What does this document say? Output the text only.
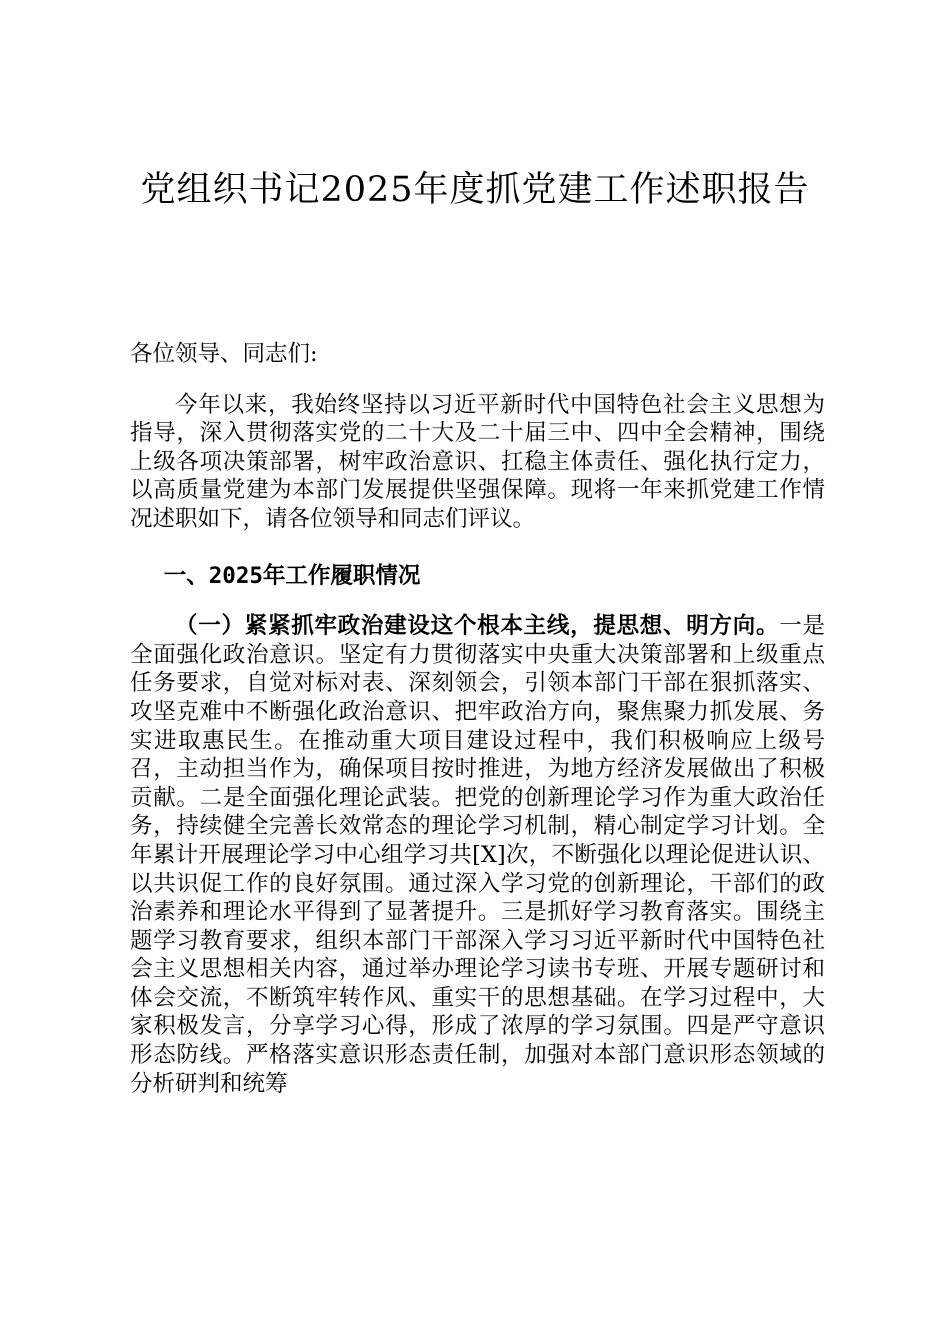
党组织书记2025年度抓党建工作述职报告

各位领导、同志们:

今年以来，我始终坚持以习近平新时代中国特色社会主义思想为指导，深入贯彻落实党的二十大及二十届三中、四中全会精神，围绕上级各项决策部署，树牢政治意识、扛稳主体责任、强化执行定力，以高质量党建为本部门发展提供坚强保障。现将一年来抓党建工作情况述职如下，请各位领导和同志们评议。

一、2025年工作履职情况

（一）紧紧抓牢政治建设这个根本主线，提思想、明方向。一是全面强化政治意识。坚定有力贯彻落实中央重大决策部署和上级重点任务要求，自觉对标对表、深刻领会，引领本部门干部在狠抓落实、攻坚克难中不断强化政治意识、把牢政治方向，聚焦聚力抓发展、务实进取惠民生。在推动重大项目建设过程中，我们积极响应上级号召，主动担当作为，确保项目按时推进，为地方经济发展做出了积极贡献。二是全面强化理论武装。把党的创新理论学习作为重大政治任务，持续健全完善长效常态的理论学习机制，精心制定学习计划。全年累计开展理论学习中心组学习共[X]次，不断强化以理论促进认识、以共识促工作的良好氛围。通过深入学习党的创新理论，干部们的政治素养和理论水平得到了显著提升。三是抓好学习教育落实。围绕主题学习教育要求，组织本部门干部深入学习习近平新时代中国特色社会主义思想相关内容，通过举办理论学习读书专班、开展专题研讨和体会交流，不断筑牢转作风、重实干的思想基础。在学习过程中，大家积极发言，分享学习心得，形成了浓厚的学习氛围。四是严守意识形态防线。严格落实意识形态责任制，加强对本部门意识形态领域的分析研判和统筹
